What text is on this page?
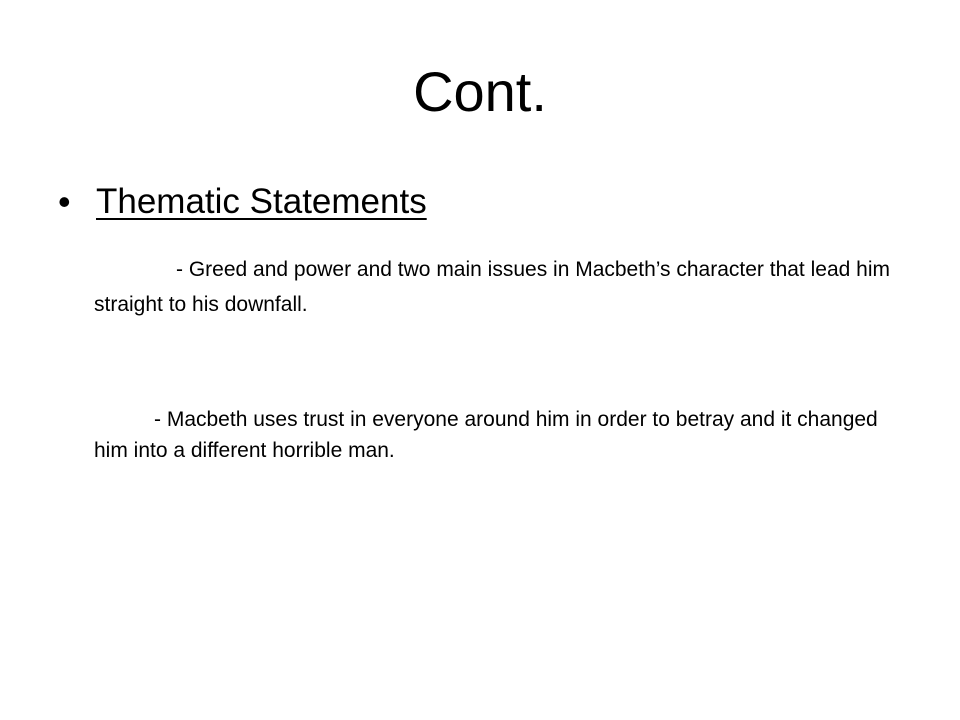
Cont.
• Thematic Statements

- Greed and power and two main issues in Macbeth’s character that lead him straight to his downfall.

- Macbeth uses trust in everyone around him in order to betray and it changed him into a different horrible man.
